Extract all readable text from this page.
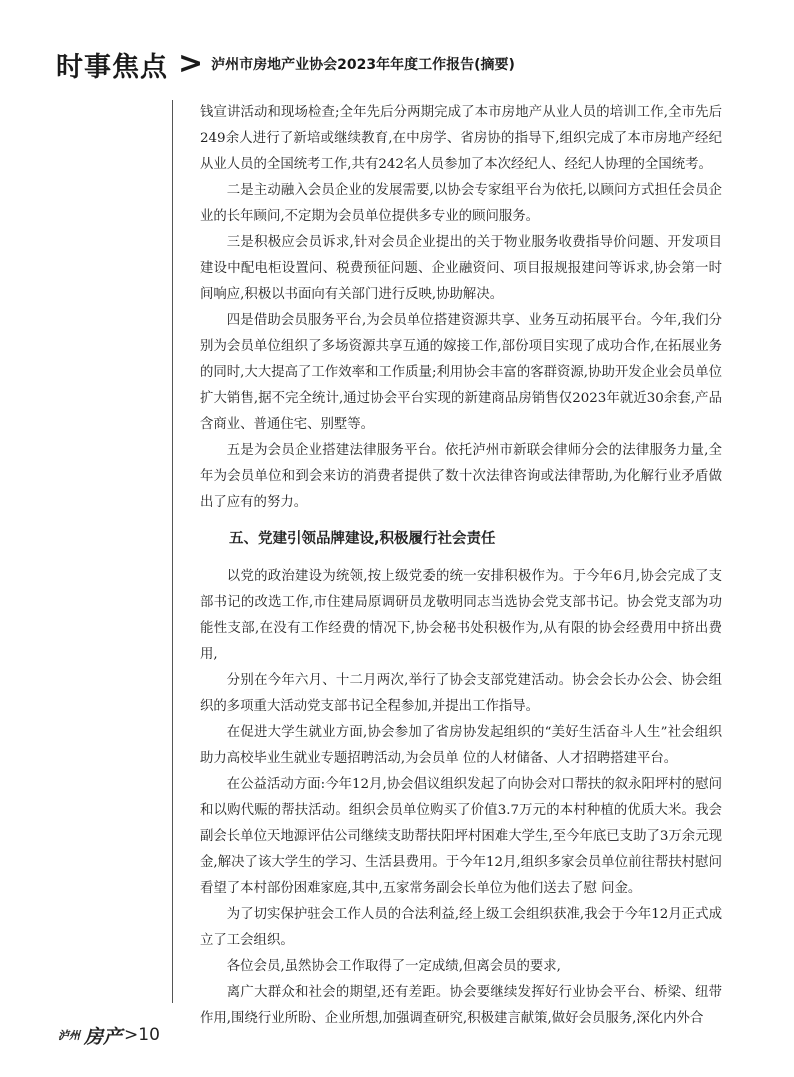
时事焦点 > 泸州市房地产业协会2023年年度工作报告(摘要)

钱宣讲活动和现场检查;全年先后分两期完成了本市房地产从业人员的培训工作,全市先后249余人进行了新培或继续教育,在中房学、省房协的指导下,组织完成了本市房地产经纪从业人员的全国统考工作,共有242名人员参加了本次经纪人、经纪人协理的全国统考。

二是主动融入会员企业的发展需要,以协会专家组平台为依托,以顾问方式担任会员企业的长年顾问,不定期为会员单位提供多专业的顾问服务。

三是积极应会员诉求,针对会员企业提出的关于物业服务收费指导价问题、开发项目建设中配电柜设置问、税费预征问题、企业融资问、项目报规报建问等诉求,协会第一时间响应,积极以书面向有关部门进行反映,协助解决。

四是借助会员服务平台,为会员单位搭建资源共享、业务互动拓展平台。今年,我们分别为会员单位组织了多场资源共享互通的嫁接工作,部份项目实现了成功合作,在拓展业务的同时,大大提高了工作效率和工作质量;利用协会丰富的客群资源,协助开发企业会员单位扩大销售,据不完全统计,通过协会平台实现的新建商品房销售仅2023年就近30余套,产品含商业、普通住宅、别墅等。

五是为会员企业搭建法律服务平台。依托泸州市新联会律师分会的法律服务力量,全年为会员单位和到会来访的消费者提供了数十次法律咨询或法律帮助,为化解行业矛盾做出了应有的努力。

五、党建引领品牌建设,积极履行社会责任

以党的政治建设为统领,按上级党委的统一安排积极作为。于今年6月,协会完成了支部书记的改选工作,市住建局原调研员龙敬明同志当选协会党支部书记。协会党支部为功能性支部,在没有工作经费的情况下,协会秘书处积极作为,从有限的协会经费用中挤出费用,

分别在今年六月、十二月两次,举行了协会支部党建活动。协会会长办公会、协会组织的多项重大活动党支部书记全程参加,并提出工作指导。

在促进大学生就业方面,协会参加了省房协发起组织的“美好生活奋斗人生”社会组织助力高校毕业生就业专题招聘活动,为会员单 位的人材储备、人才招聘搭建平台。

在公益活动方面:今年12月,协会倡议组织发起了向协会对口帮扶的叙永阳坪村的慰问和以购代赈的帮扶活动。组织会员单位购买了价值3.7万元的本村种植的优质大米。我会副会长单位天地源评估公司继续支助帮扶阳坪村困难大学生,至今年底已支助了3万余元现金,解决了该大学生的学习、生活县费用。于今年12月,组织多家会员单位前往帮扶村慰问看望了本村部份困难家庭,其中,五家常务副会长单位为他们送去了慰 问金。

为了切实保护驻会工作人员的合法利益,经上级工会组织获准,我会于今年12月正式成立了工会组织。

各位会员,虽然协会工作取得了一定成绩,但离会员的要求,

离广大群众和社会的期望,还有差距。协会要继续发挥好行业协会平台、桥梁、纽带作用,围绕行业所盼、企业所想,加强调查研究,积极建言献策,做好会员服务,深化内外合

泸州 房产 >10
